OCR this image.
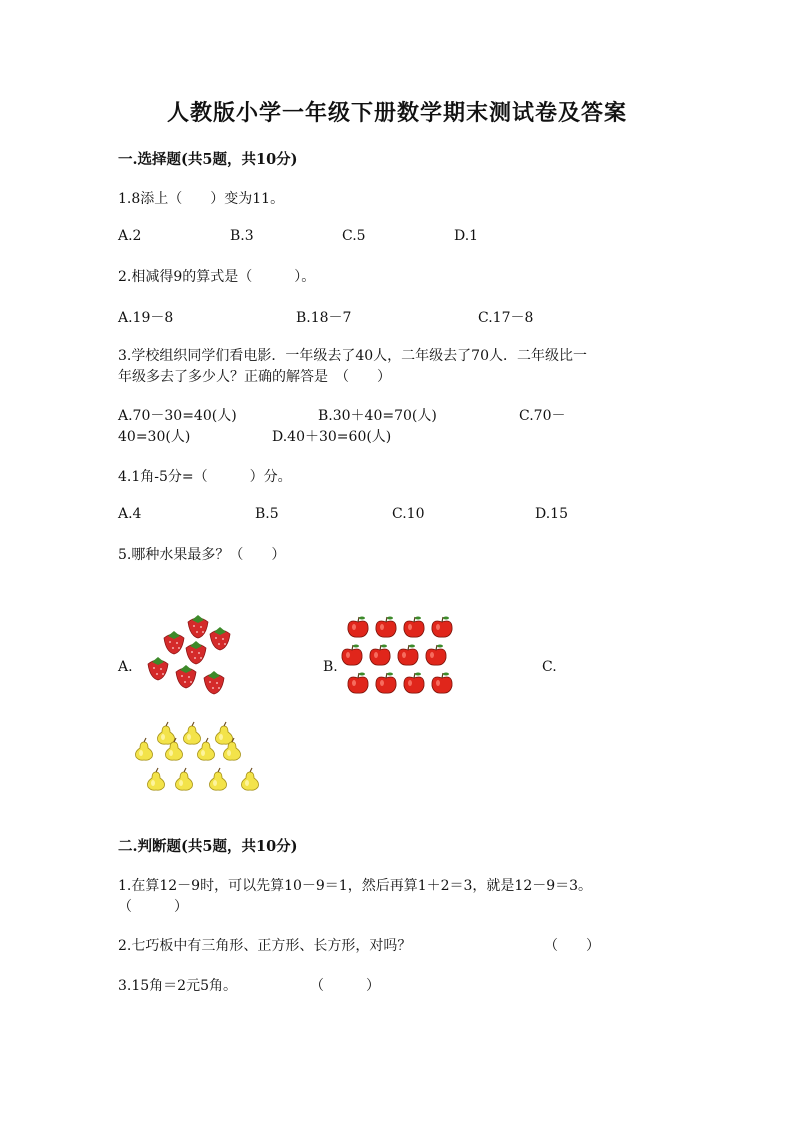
人教版小学一年级下册数学期末测试卷及答案
一.选择题(共5题，共10分)
1.8添上（　　）变为11。
A.2	B.3	C.5	D.1
2.相减得9的算式是（　　　）。
A.19－8	B.18－7	C.17－8
3.学校组织同学们看电影．一年级去了40人，二年级去了70人．二年级比一
年级多去了多少人？正确的解答是　（　　）
A.70－30=40(人)	B.30＋40=70(人)	C.70－
40=30(人)	D.40＋30=60(人)
4.1角-5分=（　　　）分。
A.4	B.5	C.10	D.15
5.哪种水果最多？（　　）
A.	B.	C.
二.判断题(共5题，共10分)
1.在算12－9时，可以先算10－9＝1，然后再算1＋2＝3，就是12－9＝3。
（　　　）
2.七巧板中有三角形、正方形、长方形，对吗？	（　　）
3.15角＝2元5角。	（　　　）
